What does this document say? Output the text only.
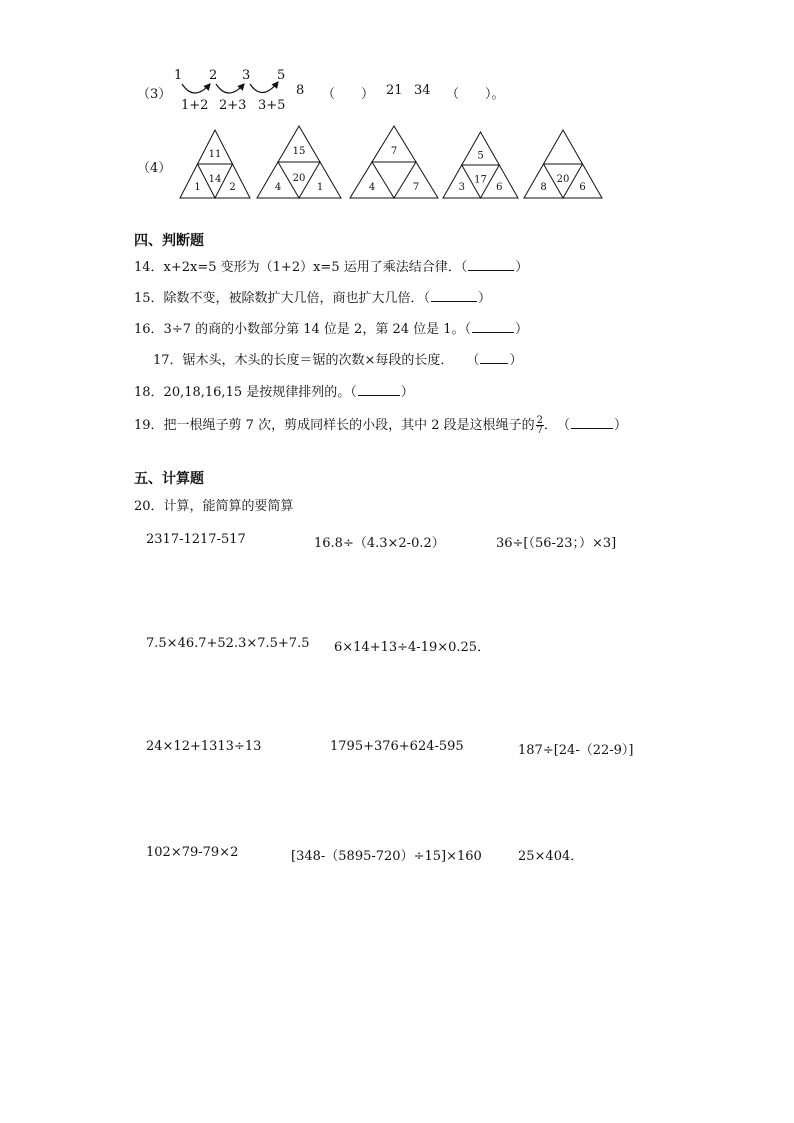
（3）
1 2 3 5
1+2 2+3 3+5
8 （　　） 21 34 （　　）。
（4）
11
14
1	2
15
20
4	1
7
4	7
5
17
3	6
20
8	6
四、判断题
14．x+2x=5 变形为（1+2）x=5 运用了乘法结合律．（	）
15．除数不变，被除数扩大几倍，商也扩大几倍．（	）
16．3÷7 的商的小数部分第 14 位是 2，第 24 位是 1。（	）
17．锯木头，木头的长度＝锯的次数×每段的长度．　　（ ）
18．20,18,16,15 是按规律排列的。（	）
19．把一根绳子剪 7 次，剪成同样长的小段，其中 2 段是这根绳子的 $\frac{2}{7}$ ．　（	）
五、计算题
20．计算，能简算的要简算
2317-1217-517	16.8÷（4.3×2-0.2）	36÷[（56-23；）×3]
7.5×46.7+52.3×7.5+7.5 6×14+13÷4-19×0.25．
24×12+1313÷13	1795+376+624-595	187÷[24-（22-9）]
102×79-79×2	[348-（5895-720）÷15]×160	25×404．
